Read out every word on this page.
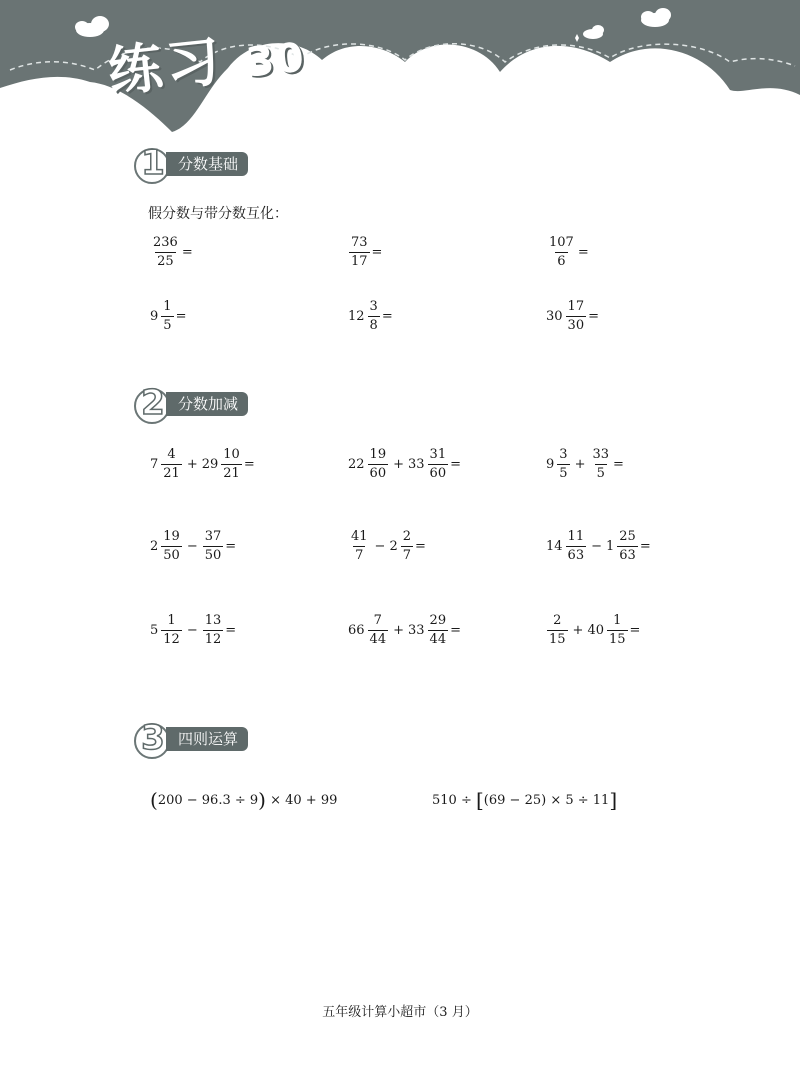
练习 30
1 分数基础
假分数与带分数互化：
$\frac{236}{25}$ =	$\frac{73}{17}$ =	$\frac{107}{6}$ =
$9 \frac{1}{5}$ =	$12 \frac{3}{8}$ =	$30 \frac{17}{30}$ =
2 分数加减
$7 \frac{4}{21} + 29 \frac{10}{21}$ =	$22 \frac{19}{60} + 33 \frac{31}{60}$ =	$9 \frac{3}{5} + \frac{33}{5}$ =
$2 \frac{19}{50} - \frac{37}{50}$ =	$\frac{41}{7} - 2 \frac{2}{7}$ =	$14 \frac{11}{63} - 1 \frac{25}{63}$ =
$5 \frac{1}{12} - \frac{13}{12}$ =	$66 \frac{7}{44} + 33 \frac{29}{44}$ =	$\frac{2}{15} + 40 \frac{1}{15}$ =
3 四则运算
(200 − 96.3 ÷ 9) × 40 + 99	510 ÷ [(69 − 25) × 5 ÷ 11]
五年级计算小超市（3 月）
